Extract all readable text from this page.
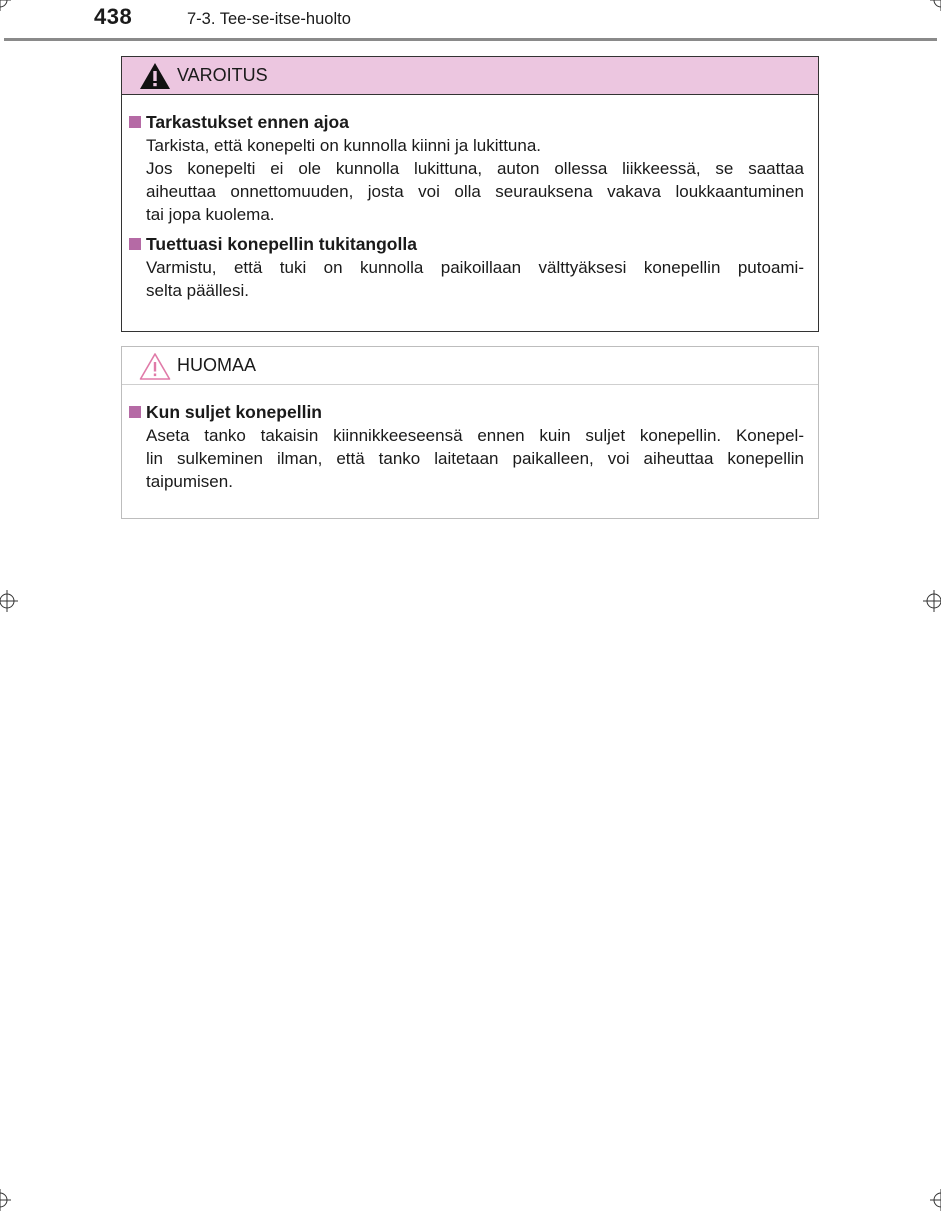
438	7-3. Tee-se-itse-huolto
VAROITUS
Tarkastukset ennen ajoa
Tarkista, että konepelti on kunnolla kiinni ja lukittuna.
Jos konepelti ei ole kunnolla lukittuna, auton ollessa liikkeessä, se saattaa
aiheuttaa onnettomuuden, josta voi olla seurauksena vakava loukkaantuminen
tai jopa kuolema.
Tuettuasi konepellin tukitangolla
Varmistu, että tuki on kunnolla paikoillaan välttyäksesi konepellin putoami-
selta päällesi.
HUOMAA
Kun suljet konepellin
Aseta tanko takaisin kiinnikkeeseensä ennen kuin suljet konepellin. Konepel-
lin sulkeminen ilman, että tanko laitetaan paikalleen, voi aiheuttaa konepellin
taipumisen.
